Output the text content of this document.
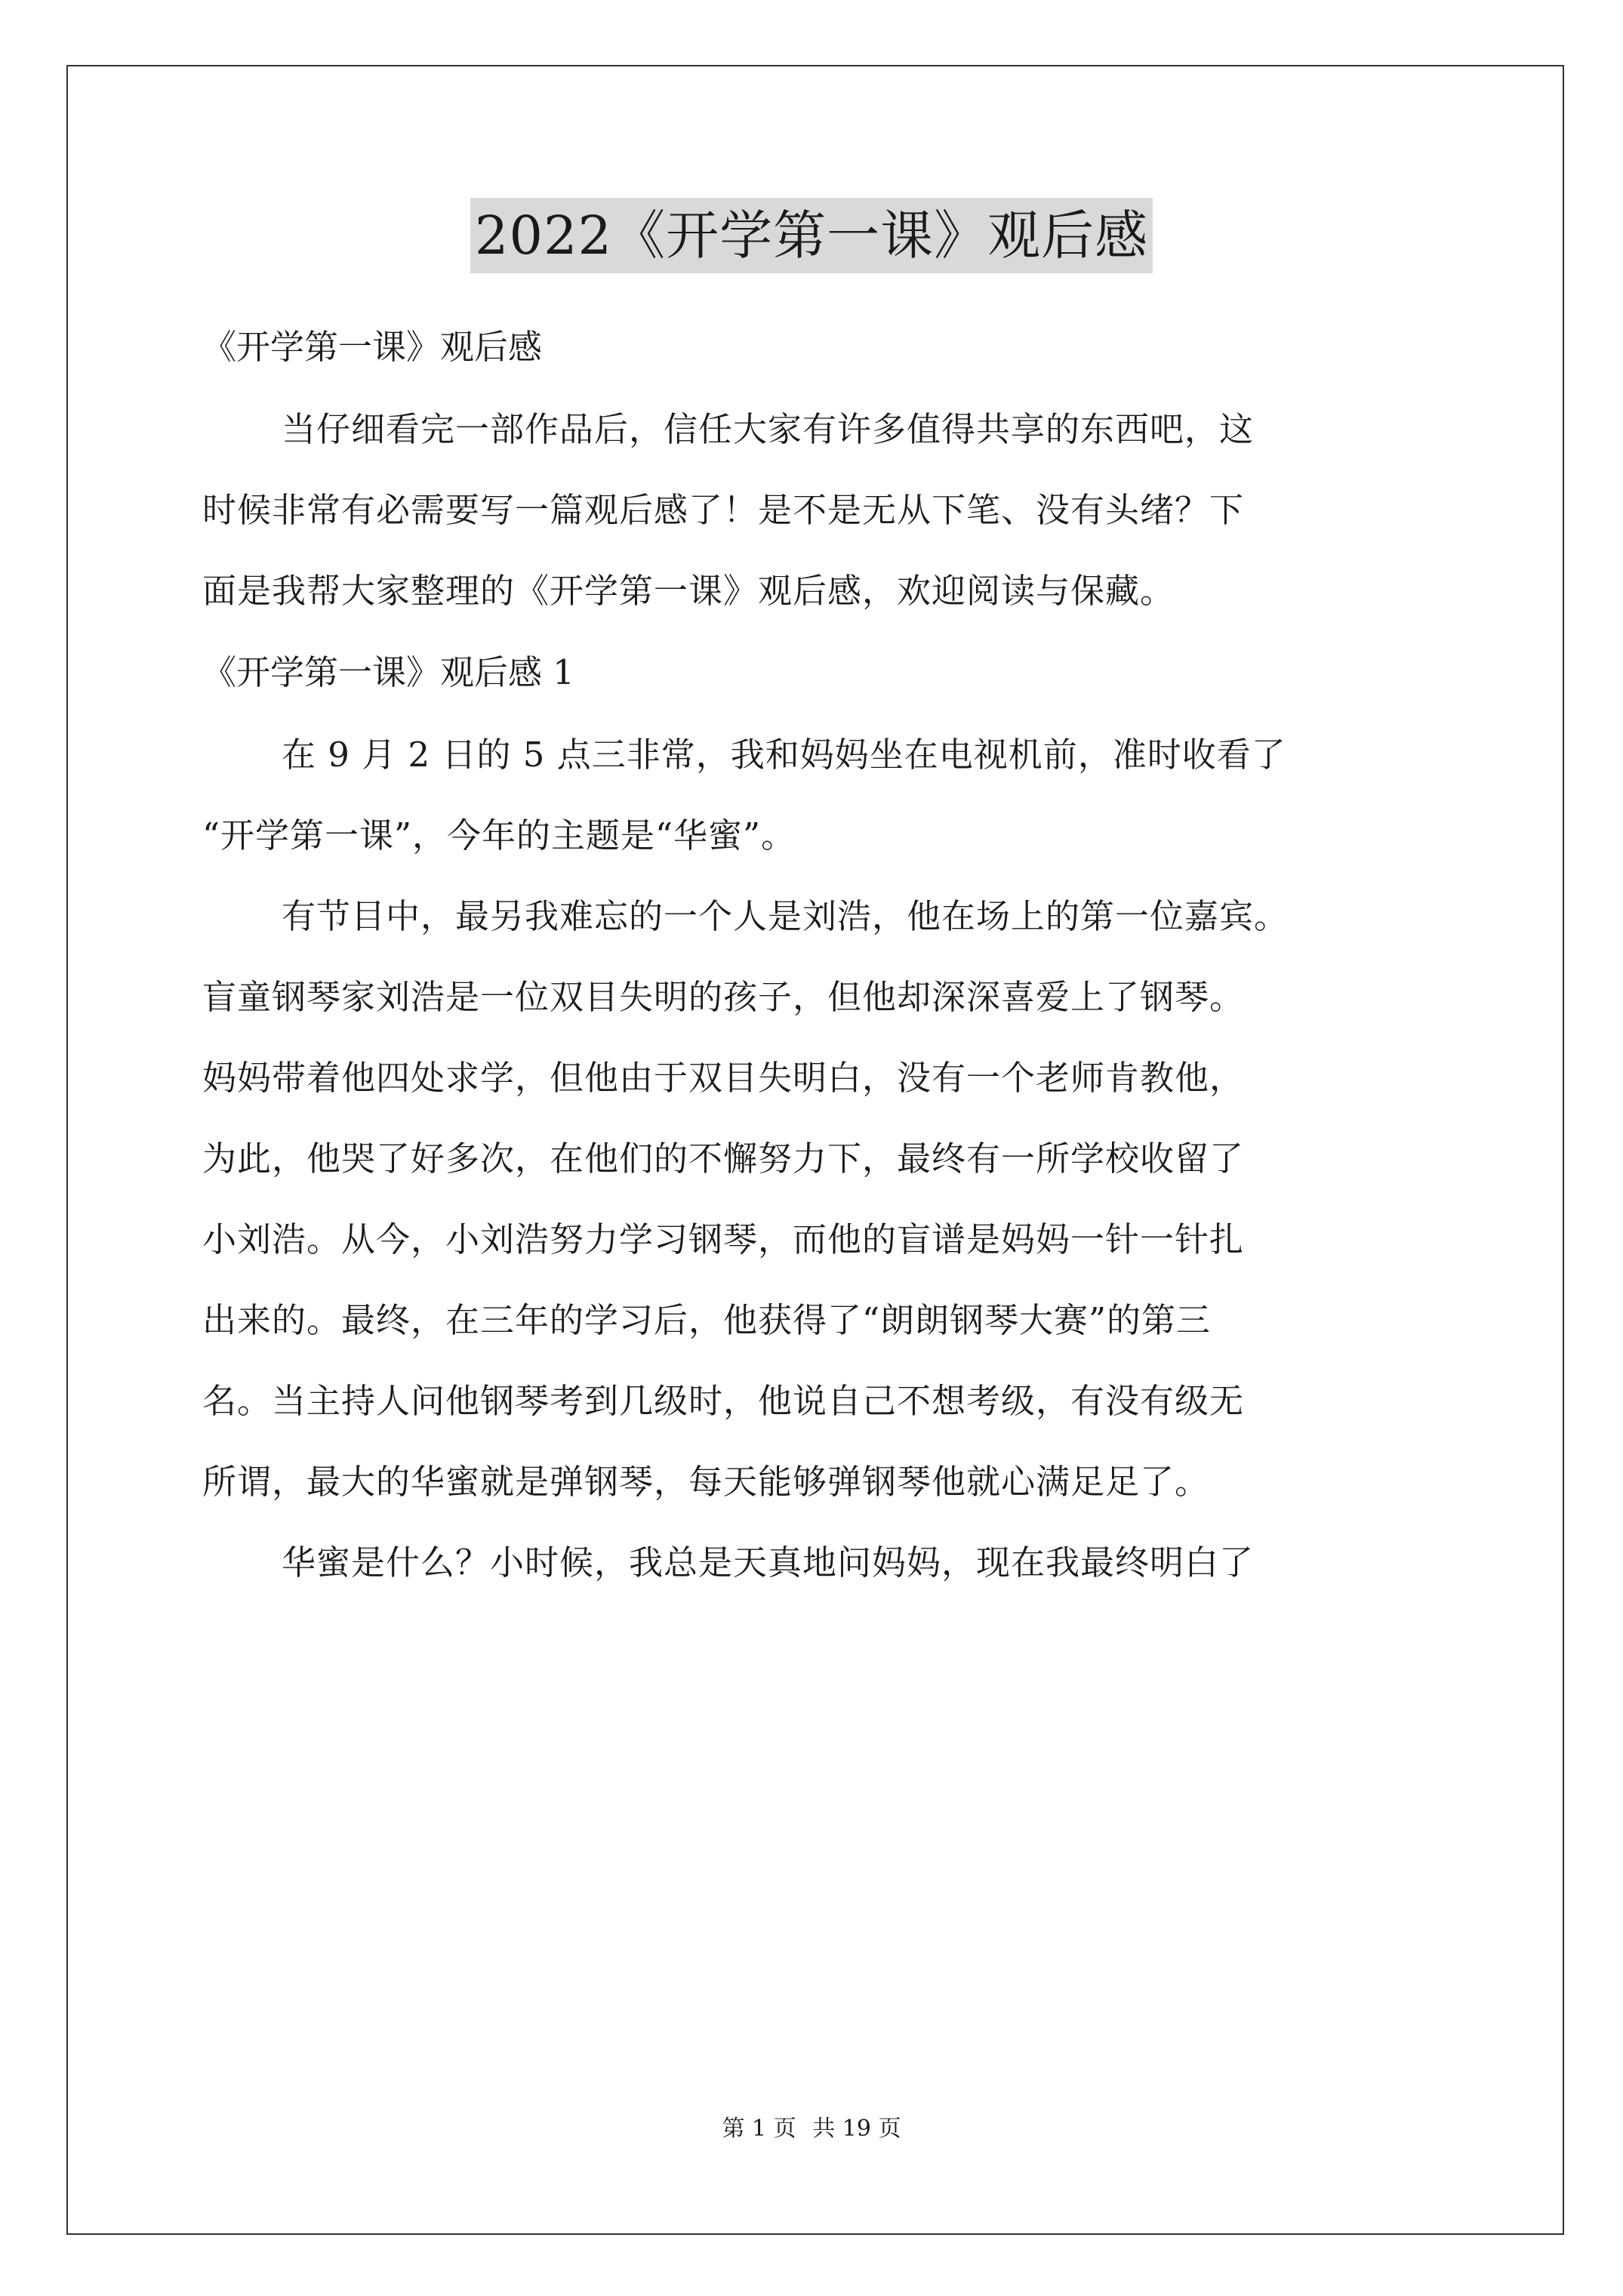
2022《开学第一课》观后感
《开学第一课》观后感
当仔细看完一部作品后，信任大家有许多值得共享的东西吧，这
时候非常有必需要写一篇观后感了！是不是无从下笔、没有头绪？下
面是我帮大家整理的《开学第一课》观后感，欢迎阅读与保藏。
《开学第一课》观后感 1
在 9 月 2 日的 5 点三非常，我和妈妈坐在电视机前，准时收看了
“开学第一课”，今年的主题是“华蜜”。
有节目中，最另我难忘的一个人是刘浩，他在场上的第一位嘉宾。
盲童钢琴家刘浩是一位双目失明的孩子，但他却深深喜爱上了钢琴。
妈妈带着他四处求学，但他由于双目失明白，没有一个老师肯教他，
为此，他哭了好多次，在他们的不懈努力下，最终有一所学校收留了
小刘浩。从今，小刘浩努力学习钢琴，而他的盲谱是妈妈一针一针扎
出来的。最终，在三年的学习后，他获得了“朗朗钢琴大赛”的第三
名。当主持人问他钢琴考到几级时，他说自己不想考级，有没有级无
所谓，最大的华蜜就是弹钢琴，每天能够弹钢琴他就心满足足了。
华蜜是什么？小时候，我总是天真地问妈妈，现在我最终明白了
第 1 页 共 19 页
